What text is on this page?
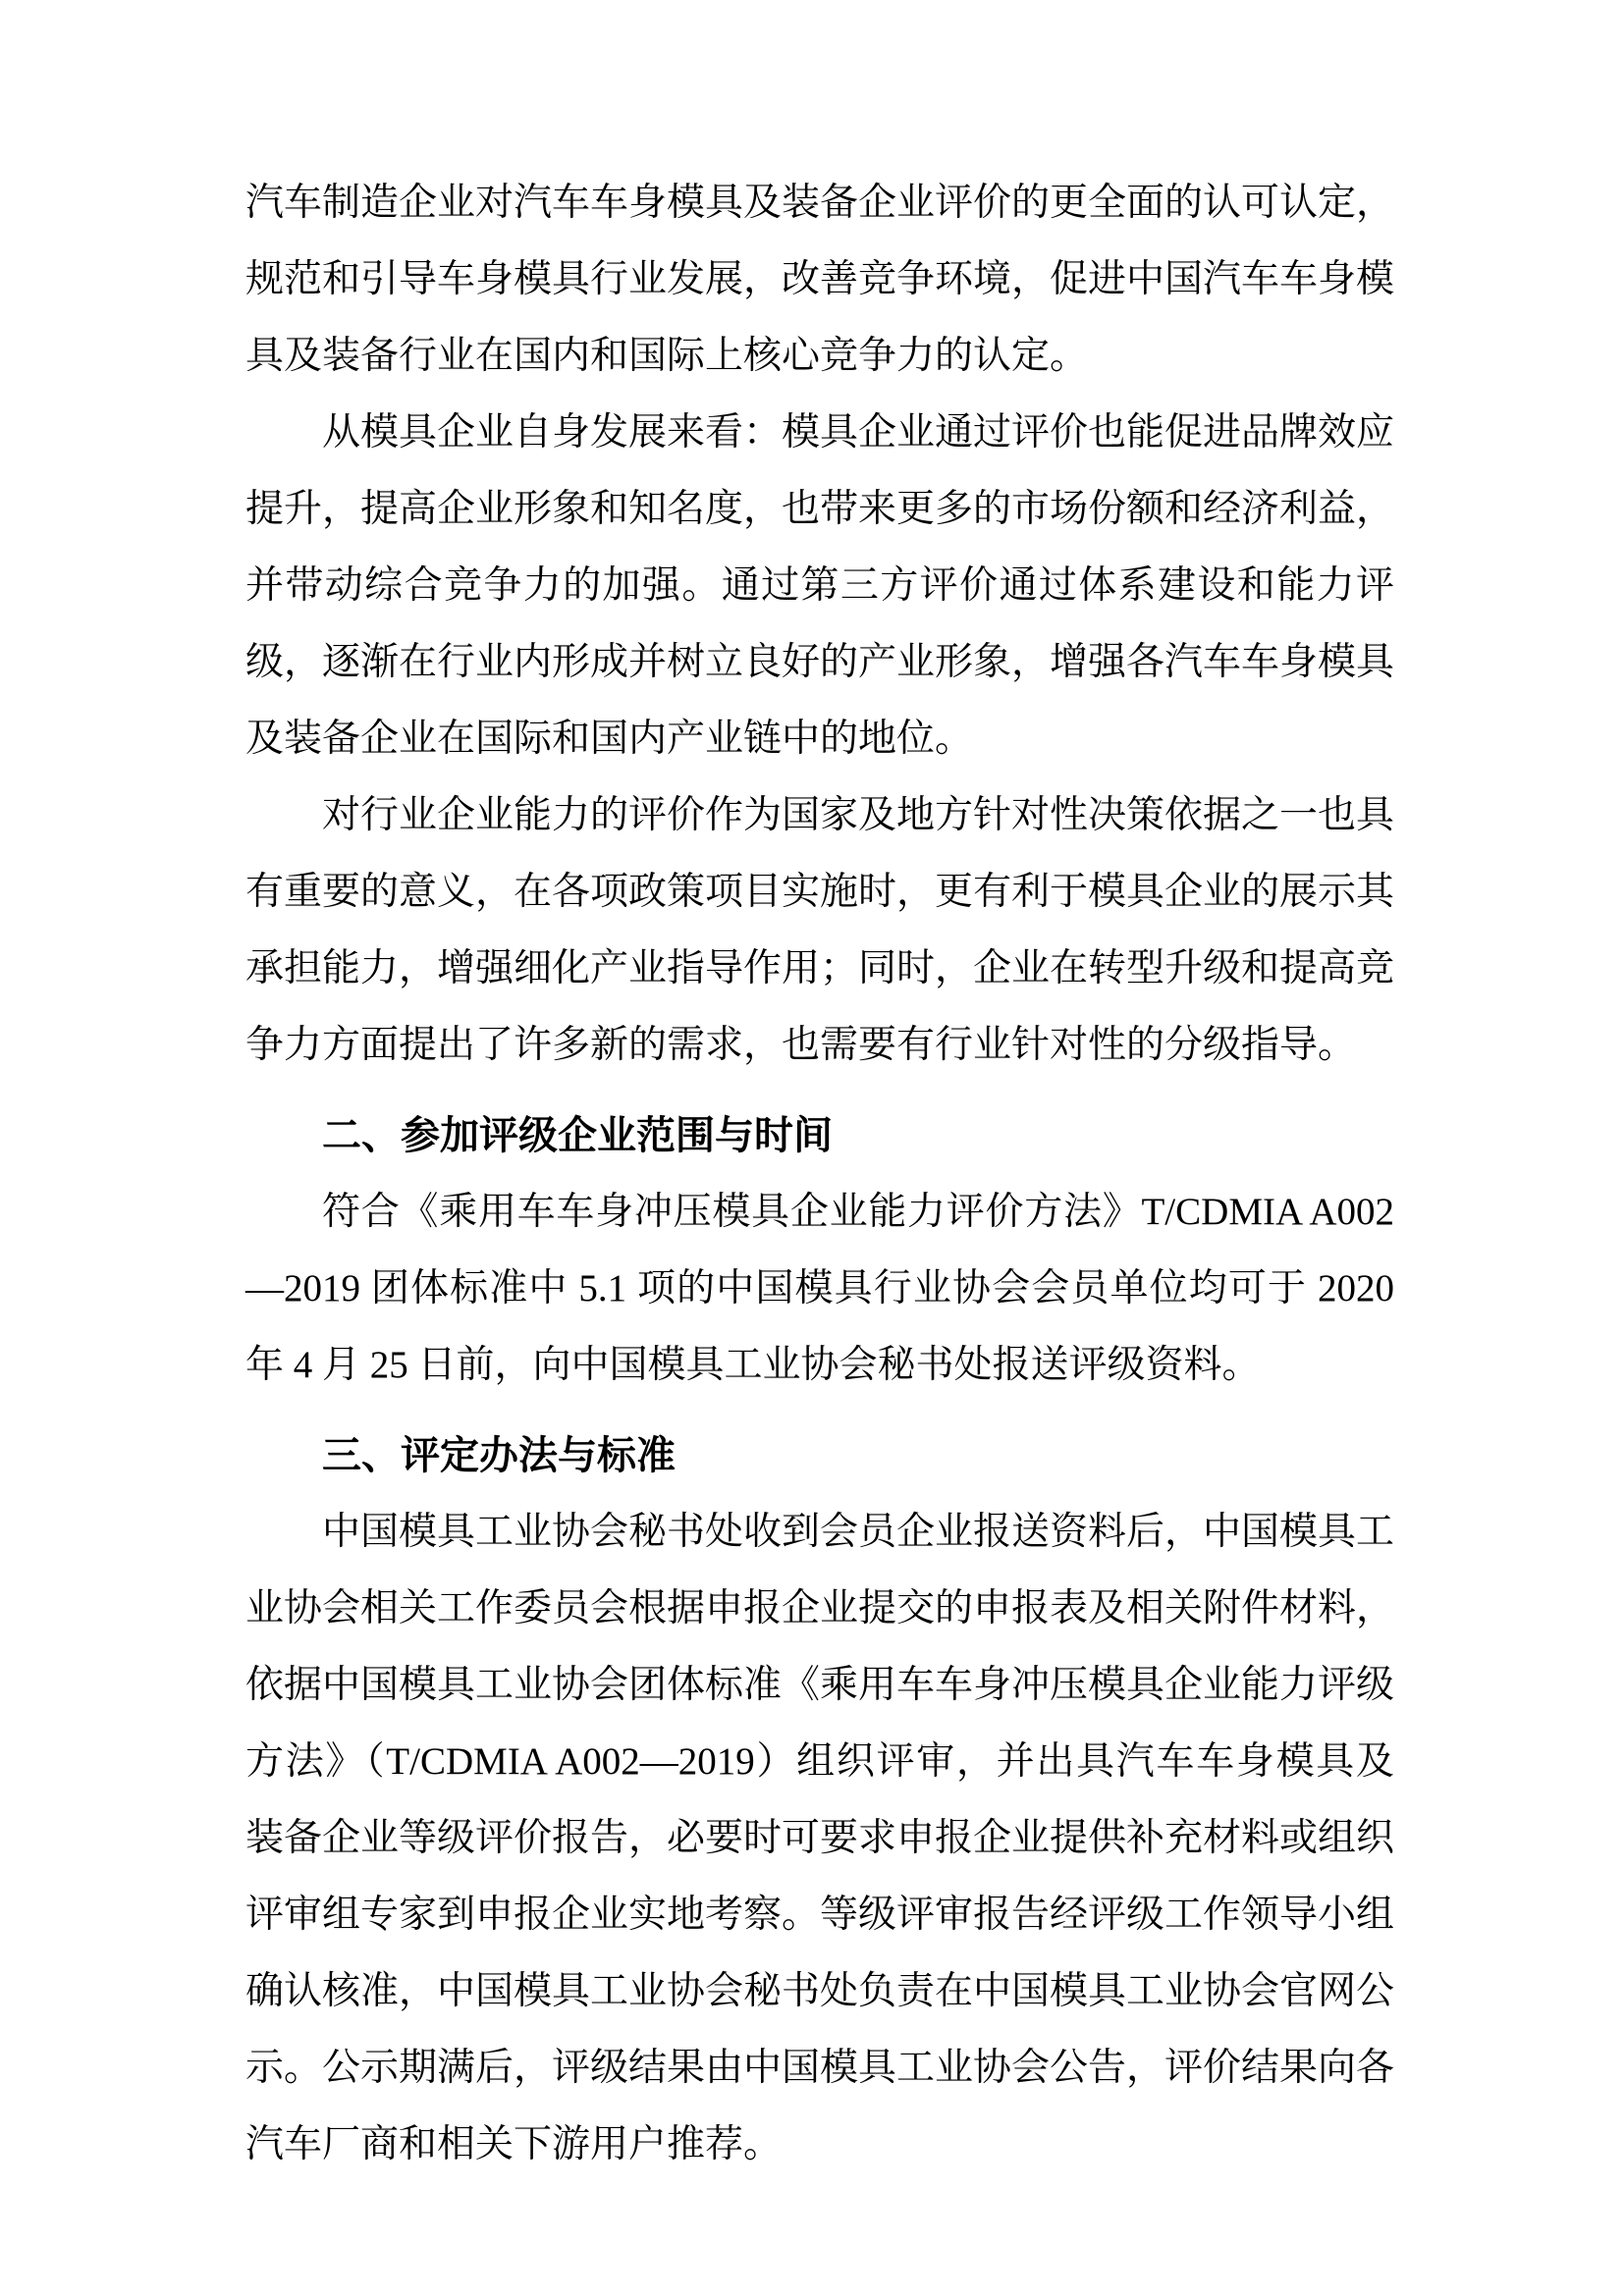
汽车制造企业对汽车车身模具及装备企业评价的更全面的认可认定，规范和引导车身模具行业发展，改善竞争环境，促进中国汽车车身模具及装备行业在国内和国际上核心竞争力的认定。

从模具企业自身发展来看：模具企业通过评价也能促进品牌效应提升，提高企业形象和知名度，也带来更多的市场份额和经济利益，并带动综合竞争力的加强。通过第三方评价通过体系建设和能力评级，逐渐在行业内形成并树立良好的产业形象，增强各汽车车身模具及装备企业在国际和国内产业链中的地位。

对行业企业能力的评价作为国家及地方针对性决策依据之一也具有重要的意义，在各项政策项目实施时，更有利于模具企业的展示其承担能力，增强细化产业指导作用；同时，企业在转型升级和提高竞争力方面提出了许多新的需求，也需要有行业针对性的分级指导。

二、参加评级企业范围与时间

符合《乘用车车身冲压模具企业能力评价方法》T/CDMIA A002—2019 团体标准中 5.1 项的中国模具行业协会会员单位均可于 2020 年 4 月 25 日前，向中国模具工业协会秘书处报送评级资料。

三、评定办法与标准

中国模具工业协会秘书处收到会员企业报送资料后，中国模具工业协会相关工作委员会根据申报企业提交的申报表及相关附件材料，依据中国模具工业协会团体标准《乘用车车身冲压模具企业能力评级方法》（T/CDMIA A002—2019）组织评审，并出具汽车车身模具及装备企业等级评价报告，必要时可要求申报企业提供补充材料或组织评审组专家到申报企业实地考察。等级评审报告经评级工作领导小组确认核准，中国模具工业协会秘书处负责在中国模具工业协会官网公示。公示期满后，评级结果由中国模具工业协会公告，评价结果向各汽车厂商和相关下游用户推荐。
